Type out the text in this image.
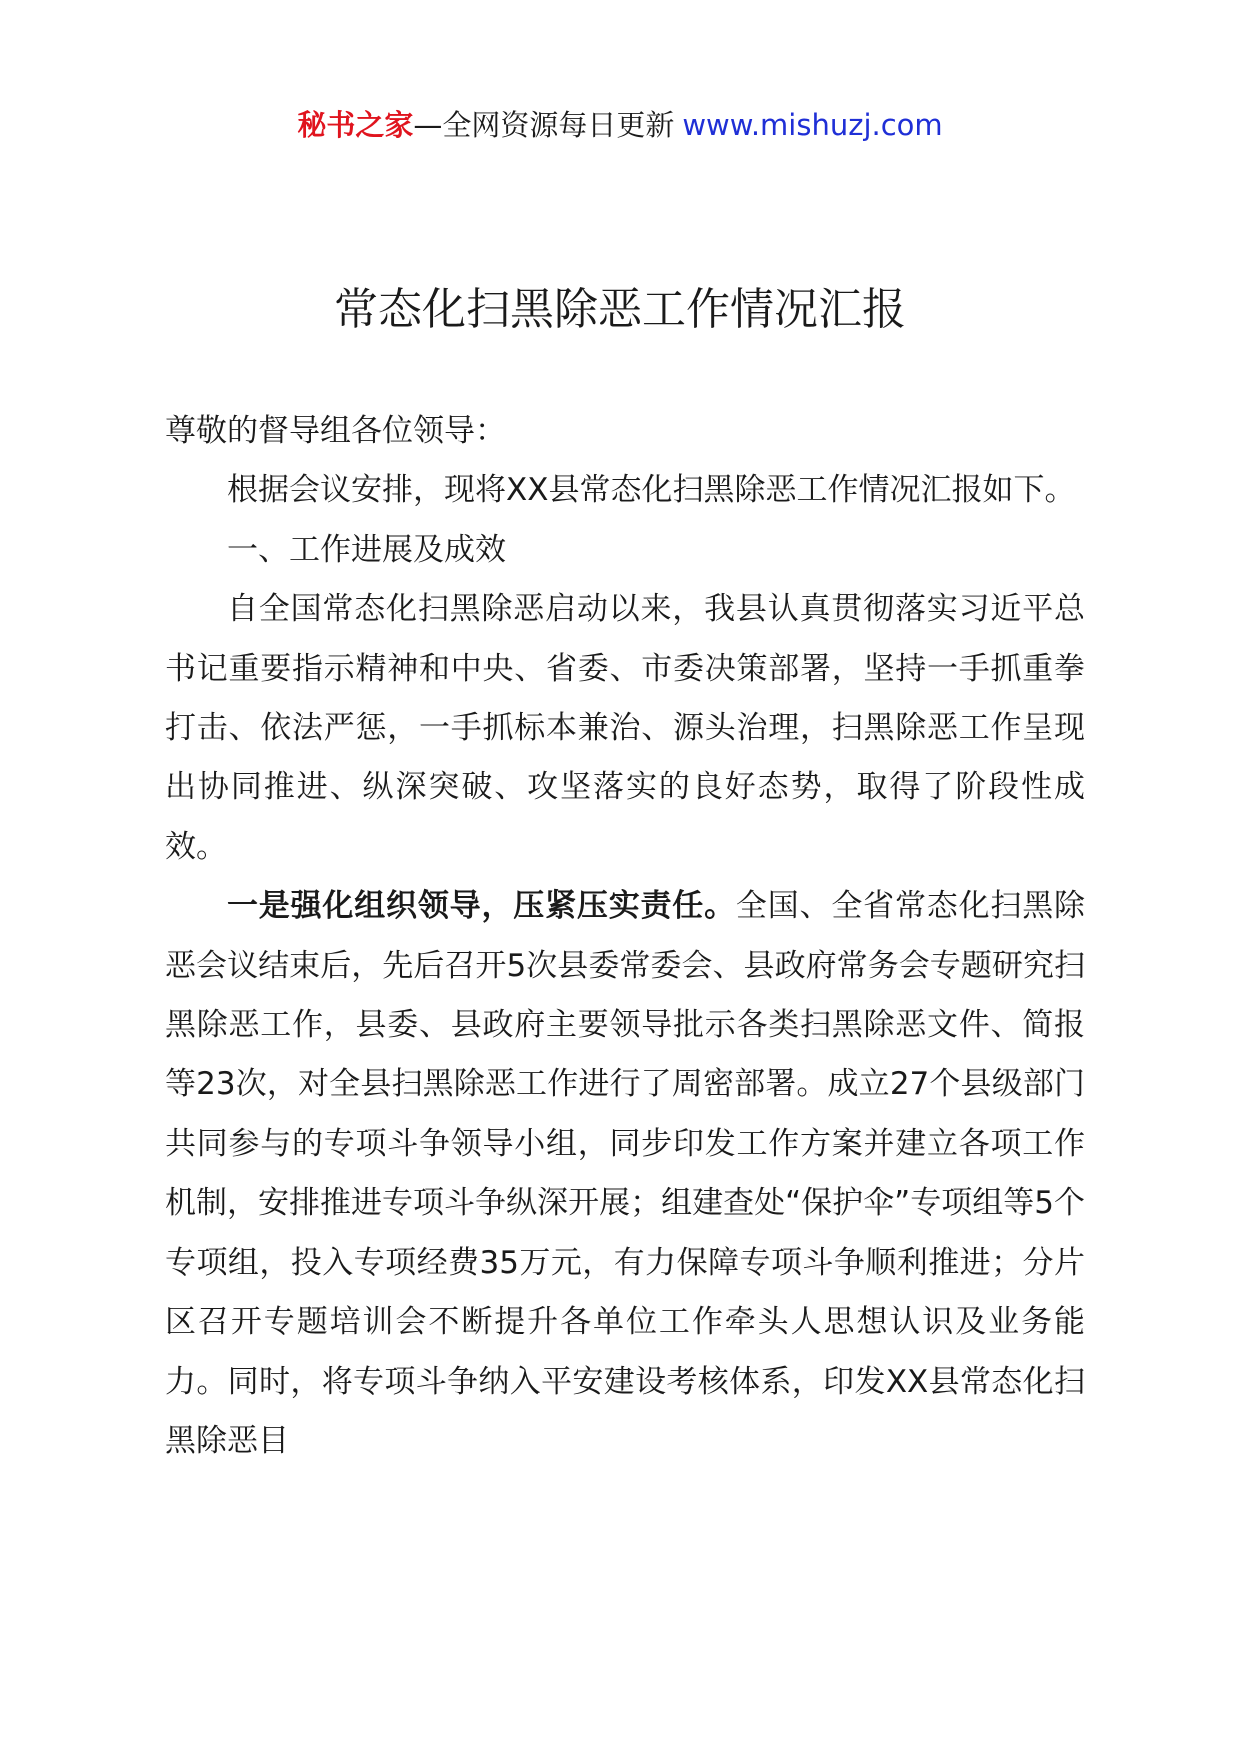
秘书之家—全网资源每日更新 www.mishuzj.com
常态化扫黑除恶工作情况汇报

尊敬的督导组各位领导：

根据会议安排，现将XX县常态化扫黑除恶工作情况汇报如下。

一、工作进展及成效

自全国常态化扫黑除恶启动以来，我县认真贯彻落实习近平总书记重要指示精神和中央、省委、市委决策部署，坚持一手抓重拳打击、依法严惩，一手抓标本兼治、源头治理，扫黑除恶工作呈现出协同推进、纵深突破、攻坚落实的良好态势，取得了阶段性成效。

一是强化组织领导，压紧压实责任。全国、全省常态化扫黑除恶会议结束后，先后召开5次县委常委会、县政府常务会专题研究扫黑除恶工作，县委、县政府主要领导批示各类扫黑除恶文件、简报等23次，对全县扫黑除恶工作进行了周密部署。成立27个县级部门共同参与的专项斗争领导小组，同步印发工作方案并建立各项工作机制，安排推进专项斗争纵深开展；组建查处“保护伞”专项组等5个专项组，投入专项经费35万元，有力保障专项斗争顺利推进；分片区召开专题培训会不断提升各单位工作牵头人思想认识及业务能力。同时，将专项斗争纳入平安建设考核体系，印发XX县常态化扫黑除恶目
